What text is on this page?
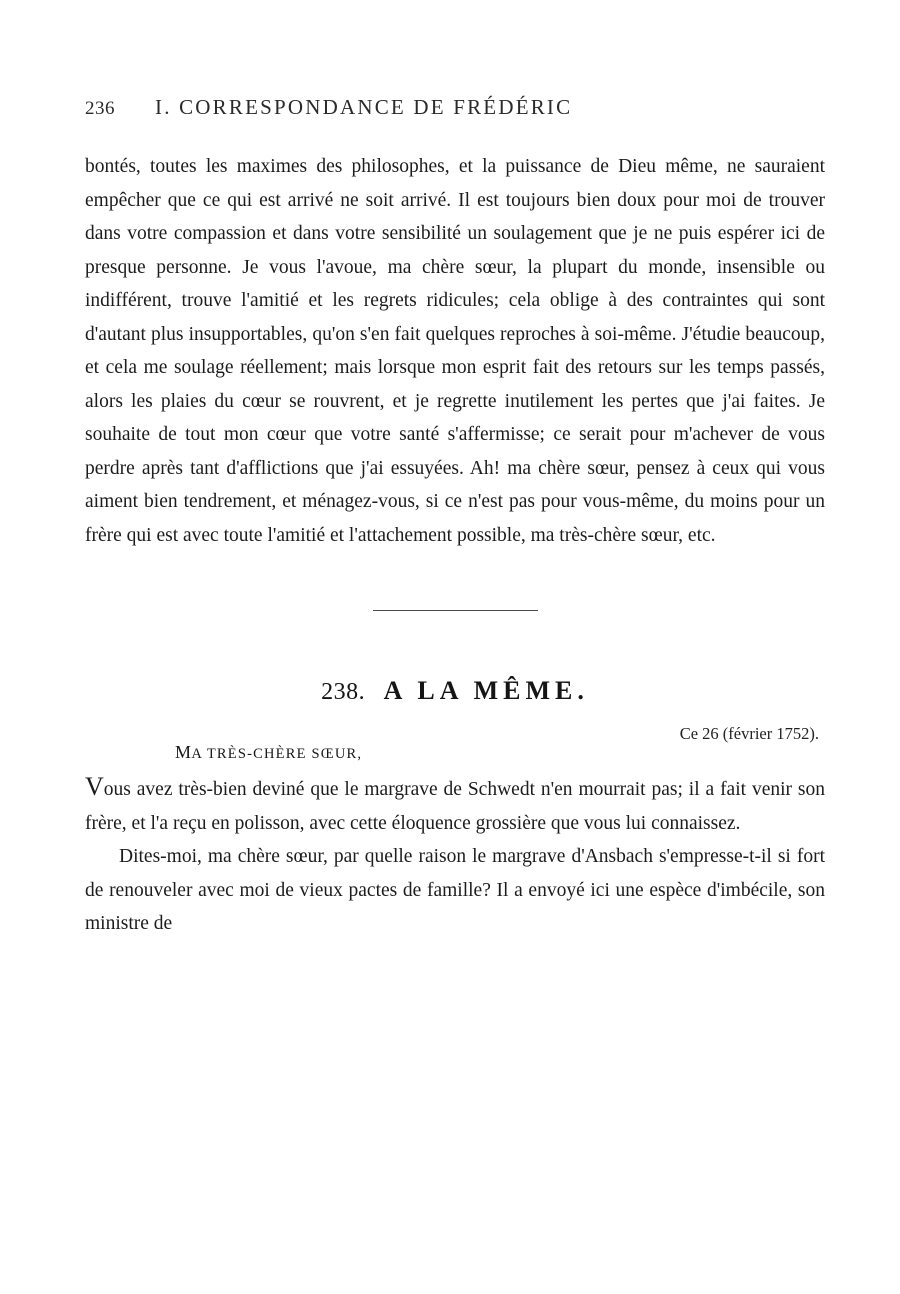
236	I. CORRESPONDANCE DE FRÉDÉRIC

bontés, toutes les maximes des philosophes, et la puissance de Dieu même, ne sauraient empêcher que ce qui est arrivé ne soit arrivé. Il est toujours bien doux pour moi de trouver dans votre compassion et dans votre sensibilité un soulagement que je ne puis espérer ici de presque personne. Je vous l'avoue, ma chère sœur, la plupart du monde, insensible ou indifférent, trouve l'amitié et les regrets ridicules; cela oblige à des contraintes qui sont d'autant plus insupportables, qu'on s'en fait quelques reproches à soi-même. J'étudie beaucoup, et cela me soulage réellement; mais lorsque mon esprit fait des retours sur les temps passés, alors les plaies du cœur se rouvrent, et je regrette inutilement les pertes que j'ai faites. Je souhaite de tout mon cœur que votre santé s'affermisse; ce serait pour m'achever de vous perdre après tant d'afflictions que j'ai essuyées. Ah! ma chère sœur, pensez à ceux qui vous aiment bien tendrement, et ménagez-vous, si ce n'est pas pour vous-même, du moins pour un frère qui est avec toute l'amitié et l'attachement possible, ma très-chère sœur, etc.

238. A LA MÊME.
Ce 26 (février 1752).
MA TRÈS-CHÈRE SŒUR,

Vous avez très-bien deviné que le margrave de Schwedt n'en mourrait pas; il a fait venir son frère, et l'a reçu en polisson, avec cette éloquence grossière que vous lui connaissez.

Dites-moi, ma chère sœur, par quelle raison le margrave d'Ansbach s'empresse-t-il si fort de renouveler avec moi de vieux pactes de famille? Il a envoyé ici une espèce d'imbécile, son ministre de
